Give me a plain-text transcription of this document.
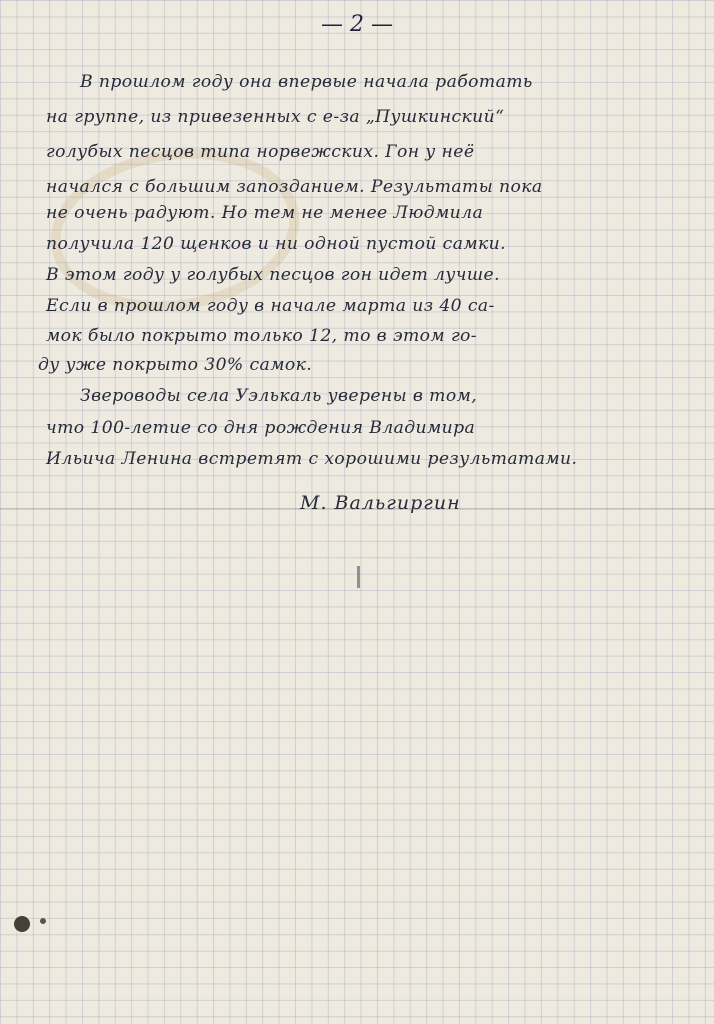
— 2 —
В прошлом году она впервые начала работать
на группе, из привезенных с е-за „Пушкинский“
голубых песцов типа норвежских. Гон у неё
начался с большим запозданием. Результаты пока
не очень радуют. Но тем не менее Людмила
получила 120 щенков и ни одной пустой самки.
В этом году у голубых песцов гон идет лучше.
Если в прошлом году в начале марта из 40 са-
мок было покрыто только 12, то в этом го-
ду уже покрыто 30% самок.
Звероводы села Уэлькаль уверены в том,
что 100-летие со дня рождения Владимира
Ильича Ленина встретят с хорошими результатами.
М. Вальгиргин
